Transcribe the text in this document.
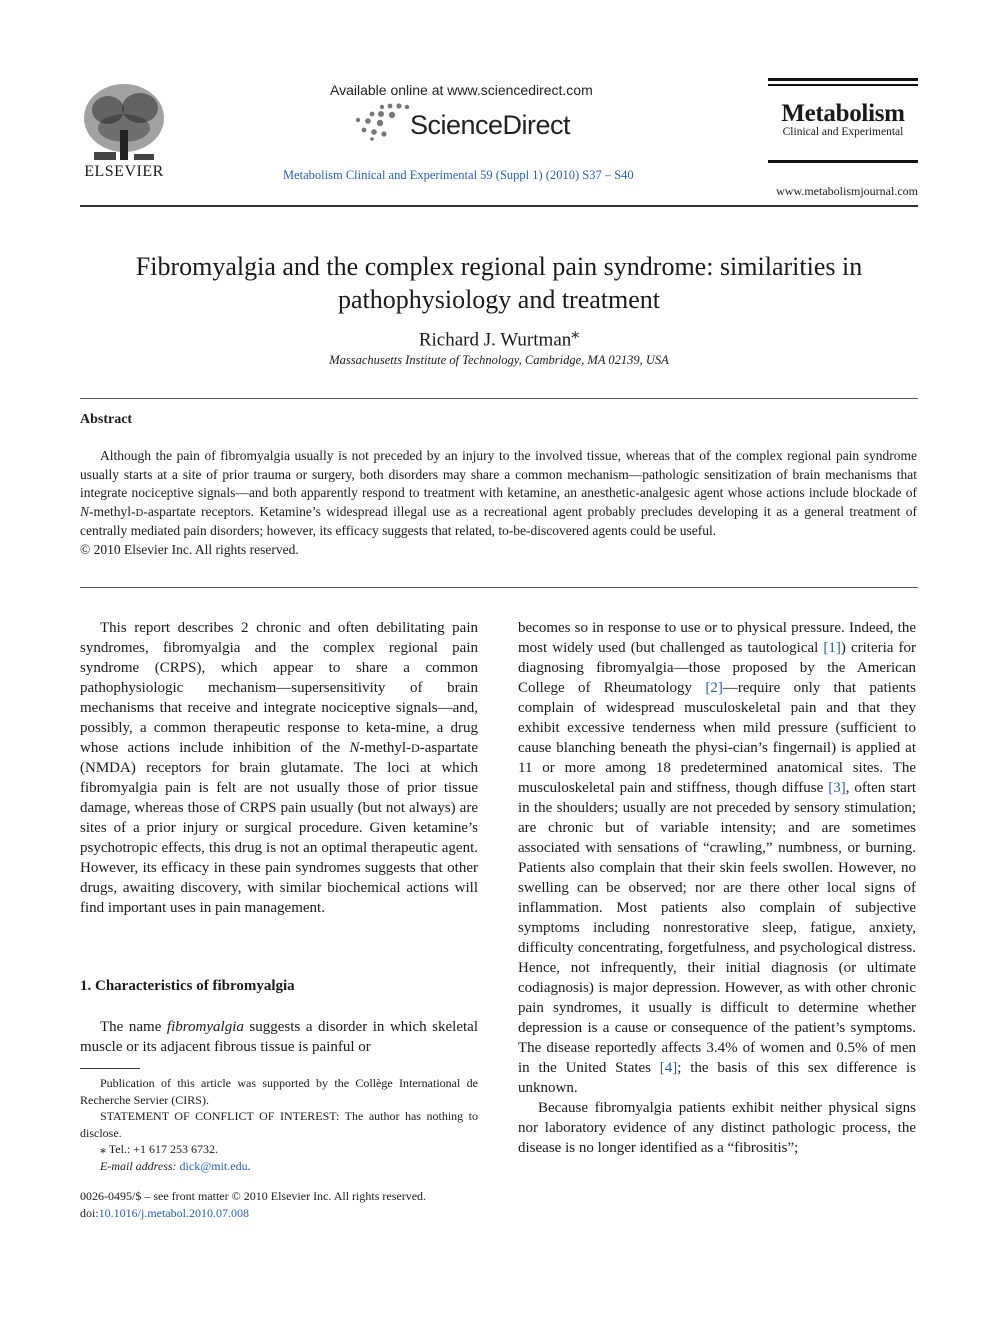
ELSEVIER
Available online at www.sciencedirect.com
ScienceDirect
Metabolism Clinical and Experimental 59 (Suppl 1) (2010) S37 – S40
Metabolism
Clinical and Experimental
www.metabolismjournal.com
Fibromyalgia and the complex regional pain syndrome: similarities in pathophysiology and treatment
Richard J. Wurtman⁎
Massachusetts Institute of Technology, Cambridge, MA 02139, USA
Abstract

Although the pain of fibromyalgia usually is not preceded by an injury to the involved tissue, whereas that of the complex regional pain syndrome usually starts at a site of prior trauma or surgery, both disorders may share a common mechanism—pathologic sensitization of brain mechanisms that integrate nociceptive signals—and both apparently respond to treatment with ketamine, an anesthetic-analgesic agent whose actions include blockade of N-methyl-D-aspartate receptors. Ketamine’s widespread illegal use as a recreational agent probably precludes developing it as a general treatment of centrally mediated pain disorders; however, its efficacy suggests that related, to-be-discovered agents could be useful.

© 2010 Elsevier Inc. All rights reserved.

This report describes 2 chronic and often debilitating pain syndromes, fibromyalgia and the complex regional pain syndrome (CRPS), which appear to share a common pathophysiologic mechanism—supersensitivity of brain mechanisms that receive and integrate nociceptive signals—and, possibly, a common therapeutic response to keta-mine, a drug whose actions include inhibition of the N-methyl-D-aspartate (NMDA) receptors for brain glutamate. The loci at which fibromyalgia pain is felt are not usually those of prior tissue damage, whereas those of CRPS pain usually (but not always) are sites of a prior injury or surgical procedure. Given ketamine’s psychotropic effects, this drug is not an optimal therapeutic agent. However, its efficacy in these pain syndromes suggests that other drugs, awaiting discovery, with similar biochemical actions will find important uses in pain management.

1. Characteristics of fibromyalgia

The name fibromyalgia suggests a disorder in which skeletal muscle or its adjacent fibrous tissue is painful or

Publication of this article was supported by the Collège International de Recherche Servier (CIRS).

STATEMENT OF CONFLICT OF INTEREST: The author has nothing to disclose.

⁎ Tel.: +1 617 253 6732.

E-mail address: dick@mit.edu.

0026-0495/$ – see front matter © 2010 Elsevier Inc. All rights reserved.
doi:10.1016/j.metabol.2010.07.008

becomes so in response to use or to physical pressure. Indeed, the most widely used (but challenged as tautological [1]) criteria for diagnosing fibromyalgia—those proposed by the American College of Rheumatology [2]—require only that patients complain of widespread musculoskeletal pain and that they exhibit excessive tenderness when mild pressure (sufficient to cause blanching beneath the physi-cian’s fingernail) is applied at 11 or more among 18 predetermined anatomical sites. The musculoskeletal pain and stiffness, though diffuse [3], often start in the shoulders; usually are not preceded by sensory stimulation; are chronic but of variable intensity; and are sometimes associated with sensations of “crawling,” numbness, or burning. Patients also complain that their skin feels swollen. However, no swelling can be observed; nor are there other local signs of inflammation. Most patients also complain of subjective symptoms including nonrestorative sleep, fatigue, anxiety, difficulty concentrating, forgetfulness, and psychological distress. Hence, not infrequently, their initial diagnosis (or ultimate codiagnosis) is major depression. However, as with other chronic pain syndromes, it usually is difficult to determine whether depression is a cause or consequence of the patient’s symptoms. The disease reportedly affects 3.4% of women and 0.5% of men in the United States [4]; the basis of this sex difference is unknown.

Because fibromyalgia patients exhibit neither physical signs nor laboratory evidence of any distinct pathologic process, the disease is no longer identified as a “fibrositis”;
